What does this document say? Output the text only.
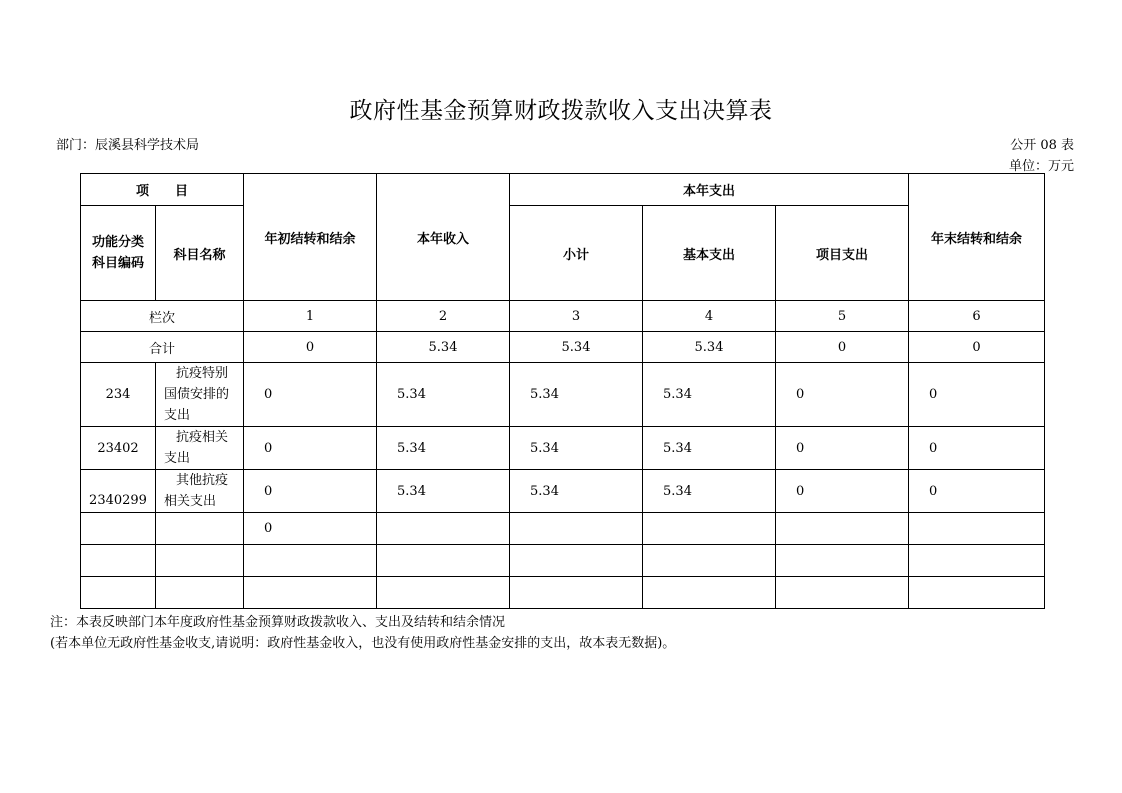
政府性基金预算财政拨款收入支出决算表
部门：辰溪县科学技术局	公开 08 表
单位：万元
项　　目		年初结转和结余	本年收入	本年支出			年末结转和结余
功能分类
科目编码	科目名称			小计	基本支出	项目支出	
栏次		1	2	3	4	5	6
合计		0	5.34	5.34	5.34	0	0
234	抗疫特别
国债安排的
支出	0	5.34	5.34	5.34	0	0
23402	抗疫相关
支出	0	5.34	5.34	5.34	0	0
2340299	其他抗疫
相关支出	0	5.34	5.34	5.34	0	0
		0					

注：本表反映部门本年度政府性基金预算财政拨款收入、支出及结转和结余情况
(若本单位无政府性基金收支,请说明：政府性基金收入，也没有使用政府性基金安排的支出，故本表无数据)。
